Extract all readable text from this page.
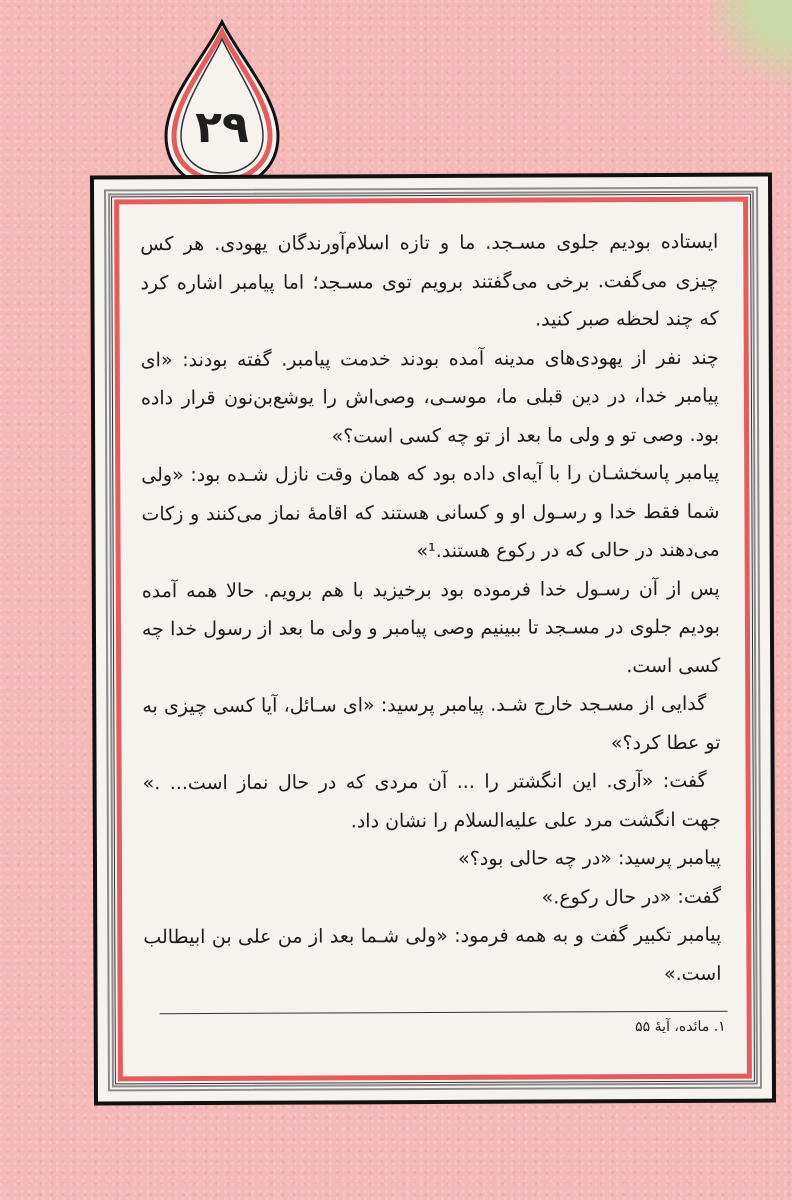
۲۹

ایستاده بودیم جلوی مسـجد. ما و تازه اسلام‌آورندگان یهودی. هر کس چیزی می‌گفت. برخی می‌گفتند برویم توی مسـجد؛ اما پیامبر اشاره کرد که چند لحظه صبر کنید.

چند نفر از یهودی‌های مدینه آمده بودند خدمت پیامبر. گفته بودند: «ای پیامبر خدا، در دین قبلی ما، موسـی، وصی‌اش را یوشع‌بن‌نون قرار داده بود. وصی تو و ولی ما بعد از تو چه کسی است؟»

پیامبر پاسخشـان را با آیه‌ای داده بود که همان وقت نازل شـده بود: «ولی شما فقط خدا و رسـول او و کسانی هستند که اقامهٔ نماز می‌کنند و زکات می‌دهند در حالی که در رکوع هستند.¹»

پس از آن رسـول خدا فرموده بود برخیزید با هم برویم. حالا همه آمده بودیم جلوی در مسـجد تا ببینیم وصی پیامبر و ولی ما بعد از رسول خدا چه کسی است.

گدایی از مسـجد خارج شـد. پیامبر پرسید: «ای سـائل، آیا کسی چیزی به تو عطا کرد؟»

گفت: «آری. این انگشتر را ... آن مردی که در حال نماز است... .» جهت انگشت مرد علی عليه‌السلام را نشان داد.

پیامبر پرسید: «در چه حالی بود؟»

گفت: «در حال رکوع.»

پیامبر تکبیر گفت و به همه فرمود: «ولی شـما بعد از من علی بن ابیطالب است.»

۱. مائده، آیهٔ ۵۵
